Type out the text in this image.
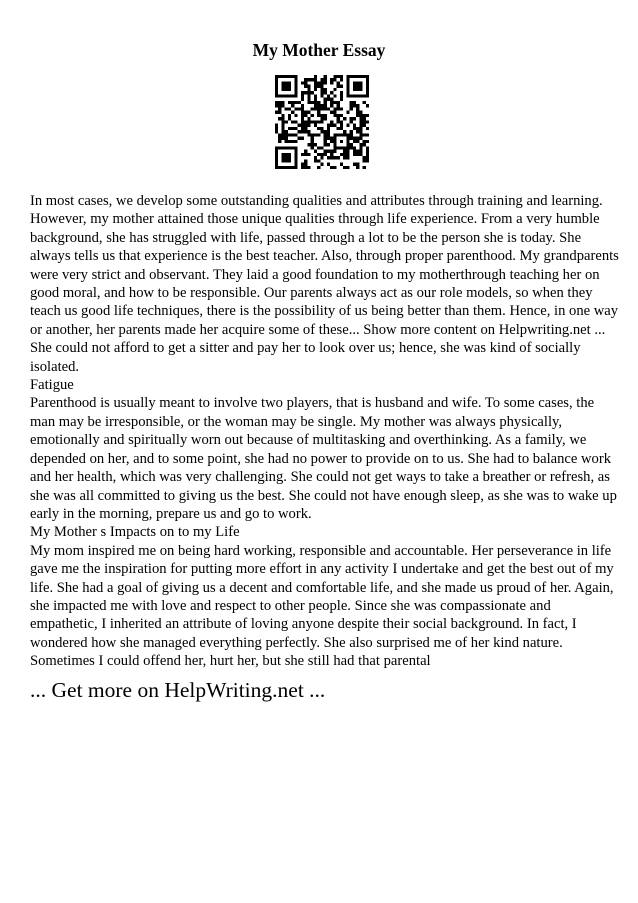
My Mother Essay

In most cases, we develop some outstanding qualities and attributes through training and learning. However, my mother attained those unique qualities through life experience. From a very humble background, she has struggled with life, passed through a lot to be the person she is today. She always tells us that experience is the best teacher. Also, through proper parenthood. My grandparents were very strict and observant. They laid a good foundation to my motherthrough teaching her on good moral, and how to be responsible. Our parents always act as our role models, so when they teach us good life techniques, there is the possibility of us being better than them. Hence, in one way or another, her parents made her acquire some of these... Show more content on Helpwriting.net ...

She could not afford to get a sitter and pay her to look over us; hence, she was kind of socially isolated.

Fatigue

Parenthood is usually meant to involve two players, that is husband and wife. To some cases, the man may be irresponsible, or the woman may be single. My mother was always physically, emotionally and spiritually worn out because of multitasking and overthinking. As a family, we depended on her, and to some point, she had no power to provide on to us. She had to balance work and her health, which was very challenging. She could not get ways to take a breather or refresh, as she was all committed to giving us the best. She could not have enough sleep, as she was to wake up early in the morning, prepare us and go to work.

My Mother s Impacts on to my Life

My mom inspired me on being hard working, responsible and accountable. Her perseverance in life gave me the inspiration for putting more effort in any activity I undertake and get the best out of my life. She had a goal of giving us a decent and comfortable life, and she made us proud of her. Again, she impacted me with love and respect to other people. Since she was compassionate and empathetic, I inherited an attribute of loving anyone despite their social background. In fact, I wondered how she managed everything perfectly. She also surprised me of her kind nature. Sometimes I could offend her, hurt her, but she still had that parental

... Get more on HelpWriting.net ...
